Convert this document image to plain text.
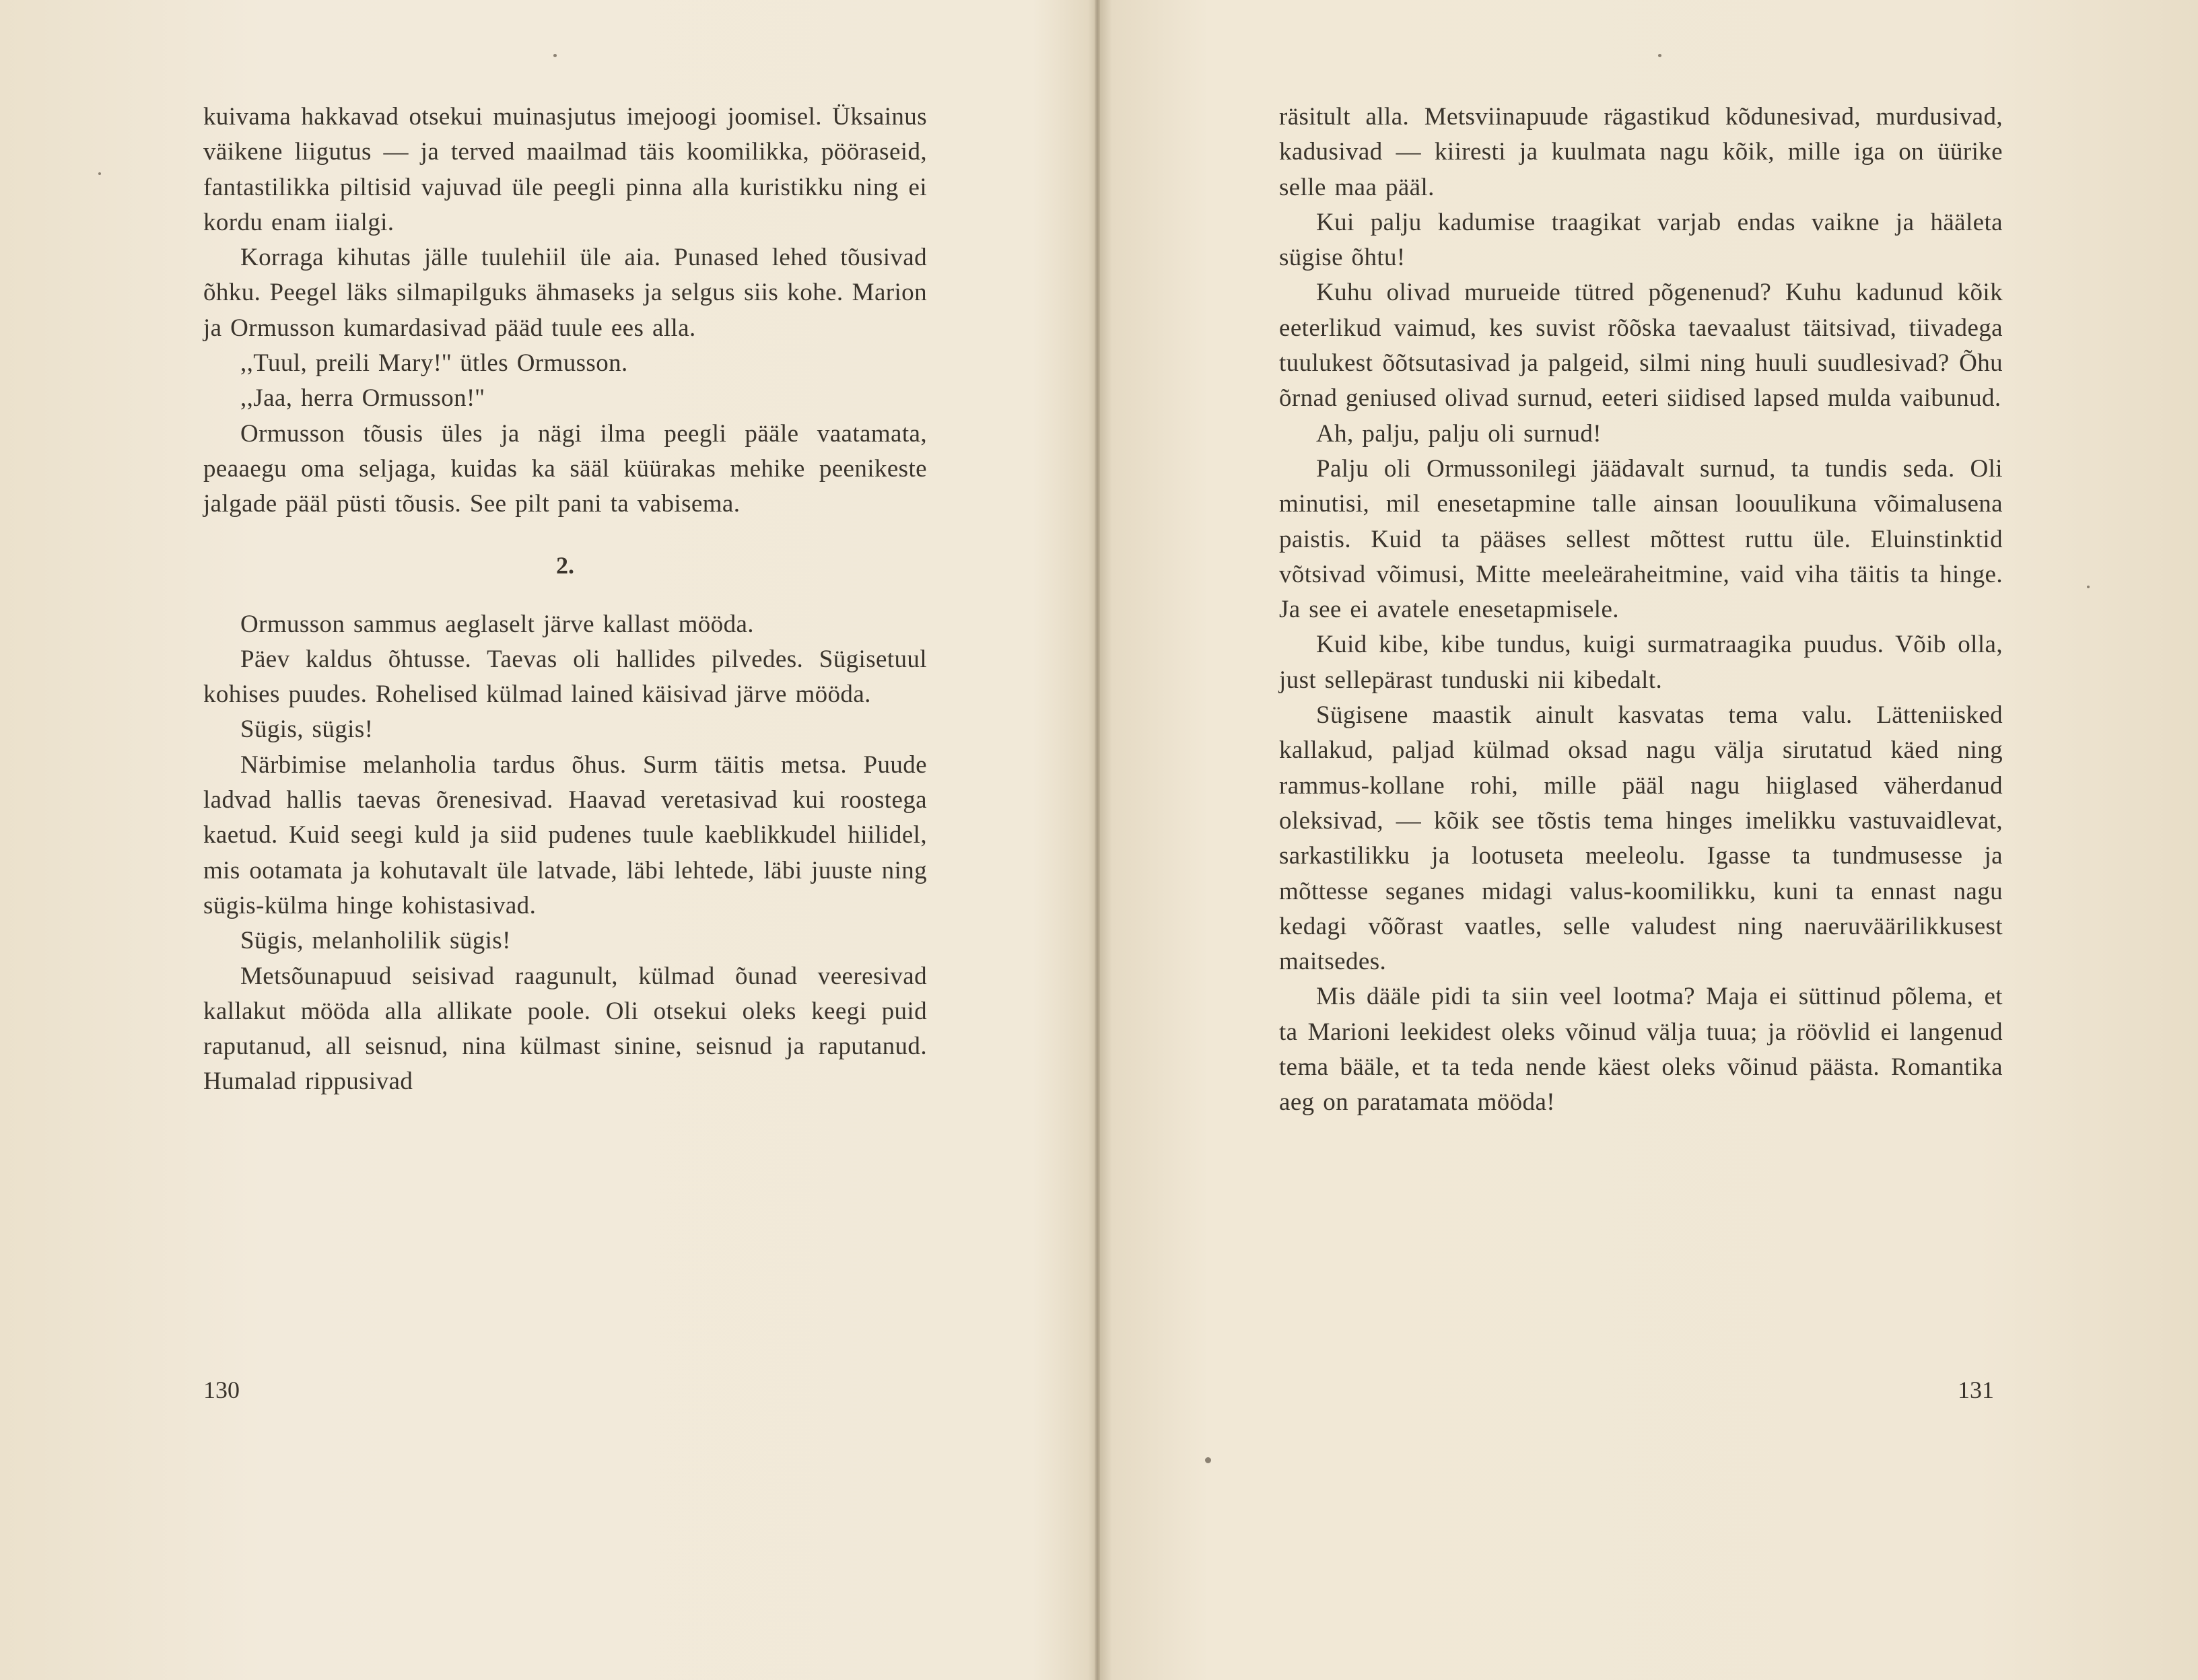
kuivama hakkavad otsekui muinasjutus imejoogi joomisel. Üksainus väikene liigutus — ja terved maailmad täis koomilikka, pööraseid, fantastilikka piltisid vajuvad üle peegli pinna alla kuristikku ning ei kordu enam iialgi.

Korraga kihutas jälle tuulehiil üle aia. Punased lehed tõusivad õhku. Peegel läks silmapilguks ähmaseks ja selgus siis kohe. Marion ja Ormusson kumardasivad pääd tuule ees alla.

,,Tuul, preili Mary!'' ütles Ormusson.

,,Jaa, herra Ormusson!''

Ormusson tõusis üles ja nägi ilma peegli pääle vaatamata, peaaegu oma seljaga, kuidas ka sääl küürakas mehike peenikeste jalgade pääl püsti tõusis. See pilt pani ta vabisema.

2.

Ormusson sammus aeglaselt järve kallast mööda.

Päev kaldus õhtusse. Taevas oli hallides pilvedes. Sügisetuul kohises puudes. Rohelised külmad lained käisivad järve mööda.

Sügis, sügis!

Närbimise melanholia tardus õhus. Surm täitis metsa. Puude ladvad hallis taevas õrenesivad. Haavad veretasivad kui roostega kaetud. Kuid seegi kuld ja siid pudenes tuule kaeblikkudel hiilidel, mis ootamata ja kohutavalt üle latvade, läbi lehtede, läbi juuste ning sügis-külma hinge kohistasivad.

Sügis, melanholilik sügis!

Metsõunapuud seisivad raagunult, külmad õunad veeresivad kallakut mööda alla allikate poole. Oli otsekui oleks keegi puid raputanud, all seisnud, nina külmast sinine, seisnud ja raputanud. Humalad rippusivad

räsitult alla. Metsviinapuude rägastikud kõdunesivad, murdusivad, kadusivad — kiiresti ja kuulmata nagu kõik, mille iga on üürike selle maa pääl.

Kui palju kadumise traagikat varjab endas vaikne ja hääleta sügise õhtu!

Kuhu olivad murueide tütred põgenenud? Kuhu kadunud kõik eeterlikud vaimud, kes suvist rõõska taevaalust täitsivad, tiivadega tuulukest õõtsutasivad ja palgeid, silmi ning huuli suudlesivad? Õhu õrnad geniused olivad surnud, eeteri siidised lapsed mulda vaibunud.

Ah, palju, palju oli surnud!

Palju oli Ormussonilegi jäädavalt surnud, ta tundis seda. Oli minutisi, mil enesetapmine talle ainsan loouulikuna võimalusena paistis. Kuid ta pääses sellest mõttest ruttu üle. Eluinstinktid võtsivad võimusi, Mitte meeleäraheitmine, vaid viha täitis ta hinge. Ja see ei avatele enesetapmisele.

Kuid kibe, kibe tundus, kuigi surmatraagika puudus. Võib olla, just sellepärast tunduski nii kibedalt.

Sügisene maastik ainult kasvatas tema valu. Lätteniisked kallakud, paljad külmad oksad nagu välja sirutatud käed ning rammus-kollane rohi, mille pääl nagu hiiglased väherdanud oleksivad, — kõik see tõstis tema hinges imelikku vastuvaidlevat, sarkastilikku ja lootuseta meeleolu. Igasse ta tundmusesse ja mõttesse seganes midagi valus-koomilikku, kuni ta ennast nagu kedagi võõrast vaatles, selle valudest ning naeruväärilikkusest maitsedes.

Mis dääle pidi ta siin veel lootma? Maja ei süttinud põlema, et ta Marioni leekidest oleks võinud välja tuua; ja röövlid ei langenud tema bääle, et ta teda nende käest oleks võinud päästa. Romantika aeg on paratamata mööda!

130	131
